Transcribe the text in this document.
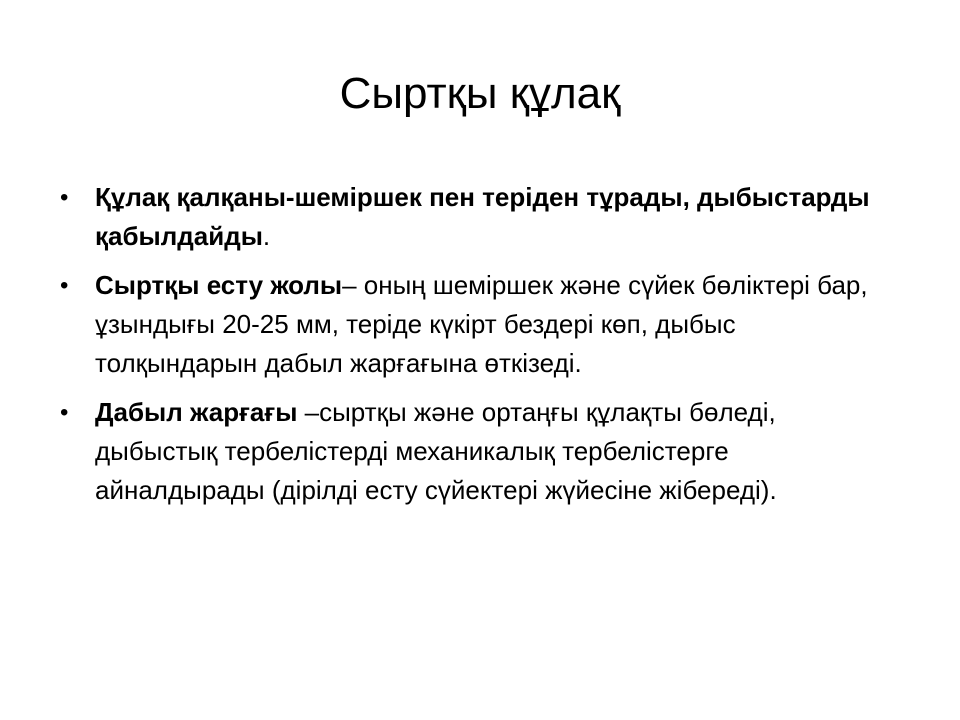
Сыртқы құлақ
• Құлақ қалқаны-шеміршек пен теріден тұрады, дыбыстарды қабылдайды.
• Сыртқы есту жолы– оның шеміршек және сүйек бөліктері бар, ұзындығы 20-25 мм, теріде күкірт бездері көп, дыбыс толқындарын дабыл жарғағына өткізеді.
• Дабыл жарғағы –сыртқы және ортаңғы құлақты бөледі, дыбыстық тербелістерді механикалық тербелістерге айналдырады (дірілді есту сүйектері жүйесіне жібереді).
